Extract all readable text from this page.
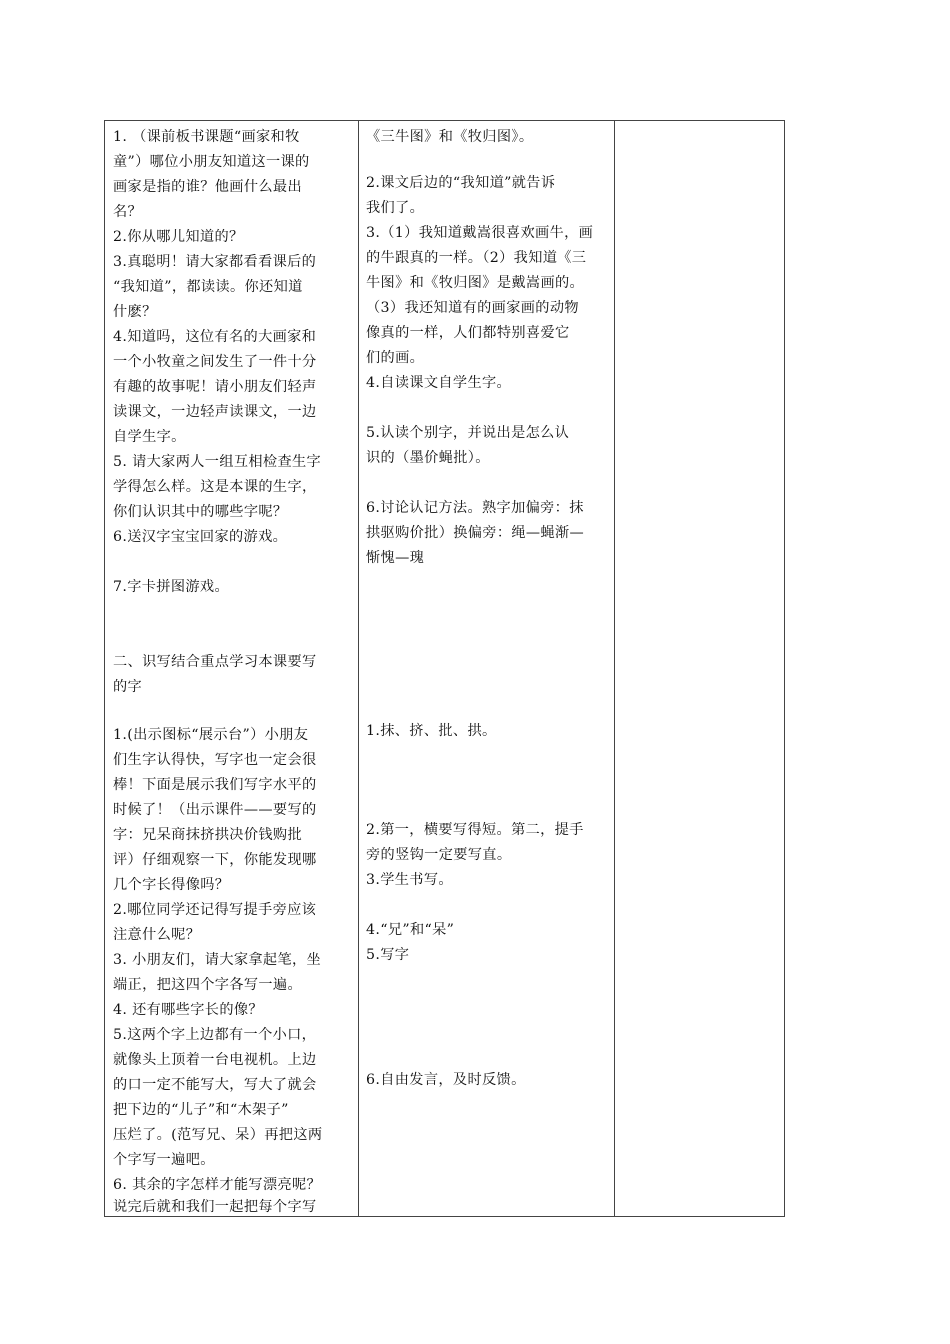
1. （课前板书课题“画家和牧
童”）哪位小朋友知道这一课的
画家是指的谁？他画什么最出
名？
2.你从哪儿知道的？
3.真聪明！请大家都看看课后的
“我知道”，都读读。你还知道
什麽？
4.知道吗，这位有名的大画家和
一个小牧童之间发生了一件十分
有趣的故事呢！请小朋友们轻声
读课文，一边轻声读课文，一边
自学生字。
5. 请大家两人一组互相检查生字
学得怎么样。这是本课的生字，
你们认识其中的哪些字呢？
6.送汉字宝宝回家的游戏。
7.字卡拼图游戏。
二、识写结合重点学习本课要写
的字
1.(出示图标“展示台”）小朋友
们生字认得快，写字也一定会很
棒！下面是展示我们写字水平的
时候了！（出示课件——要写的
字：兄呆商抹挤拱决价钱购批
评）仔细观察一下，你能发现哪
几个字长得像吗？
2.哪位同学还记得写提手旁应该
注意什么呢？
3. 小朋友们，请大家拿起笔，坐
端正，把这四个字各写一遍。
4. 还有哪些字长的像？
5.这两个字上边都有一个小口，
就像头上顶着一台电视机。上边
的口一定不能写大，写大了就会
把下边的“儿子”和“木架子”
压烂了。(范写兄、呆）再把这两
个字写一遍吧。
6. 其余的字怎样才能写漂亮呢？
说完后就和我们一起把每个字写
《三牛图》和《牧归图》。
2.课文后边的“我知道”就告诉
我们了。
3.（1）我知道戴嵩很喜欢画牛，画
的牛跟真的一样。（2）我知道《三
牛图》和《牧归图》是戴嵩画的。
（3）我还知道有的画家画的动物
像真的一样，人们都特别喜爱它
们的画。
4.自读课文自学生字。
5.认读个别字，并说出是怎么认
识的（墨价蝇批）。
6.讨论认记方法。熟字加偏旁：抹
拱驱购价批）换偏旁：绳—蝇渐—
惭愧—瑰
1.抹、挤、批、拱。
2.第一，横要写得短。第二，提手
旁的竖钩一定要写直。
3.学生书写。
4.“兄”和“呆”
5.写字
6.自由发言，及时反馈。
